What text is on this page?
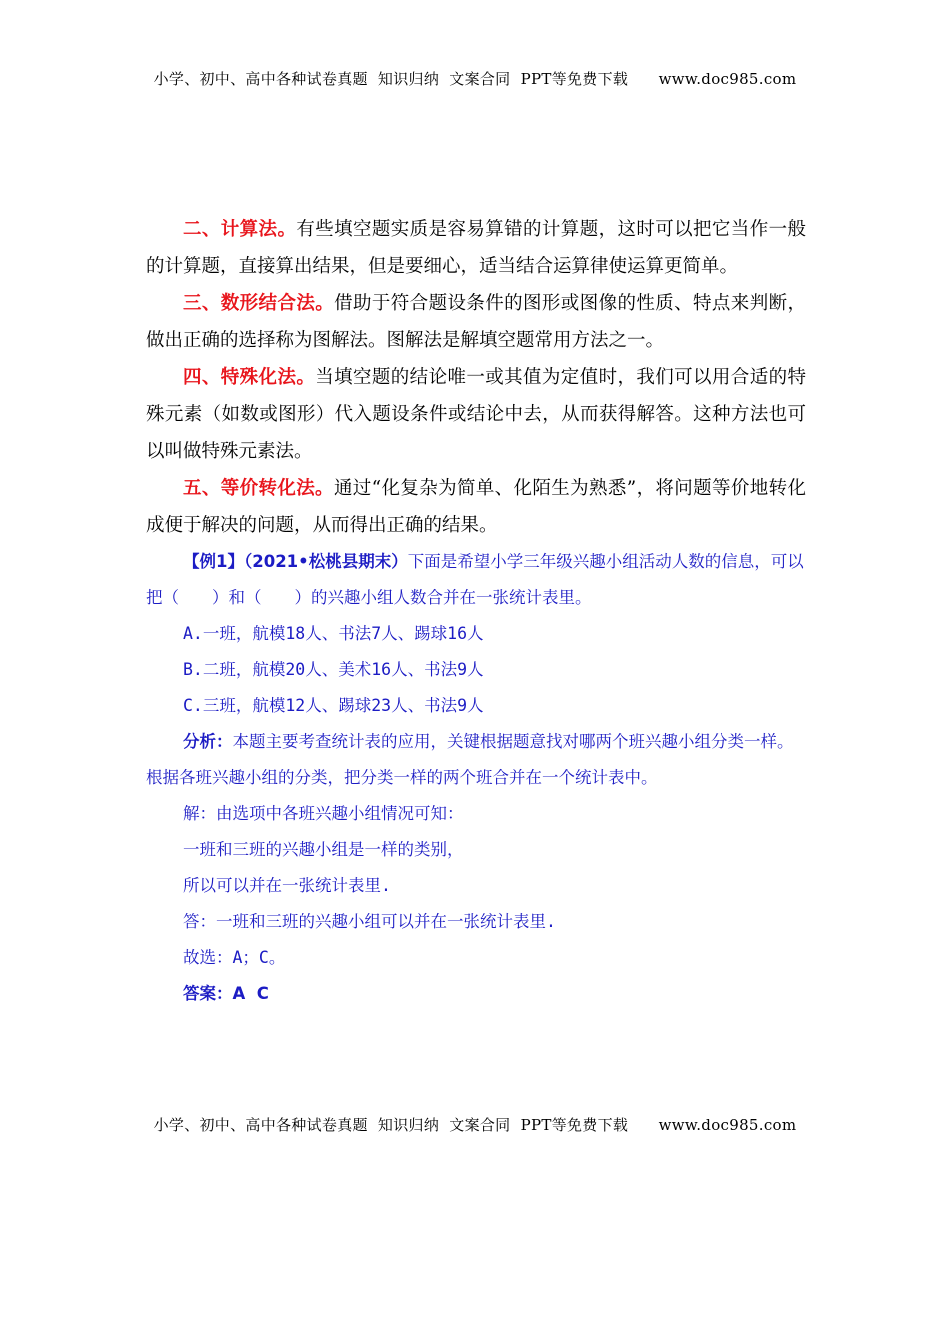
小学、初中、高中各种试卷真题  知识归纳  文案合同  PPT等免费下载      www.doc985.com

二、计算法。有些填空题实质是容易算错的计算题，这时可以把它当作一般的计算题，直接算出结果，但是要细心，适当结合运算律使运算更简单。

三、数形结合法。借助于符合题设条件的图形或图像的性质、特点来判断，做出正确的选择称为图解法。图解法是解填空题常用方法之一。

四、特殊化法。当填空题的结论唯一或其值为定值时，我们可以用合适的特殊元素（如数或图形）代入题设条件或结论中去，从而获得解答。这种方法也可以叫做特殊元素法。

五、等价转化法。通过“化复杂为简单、化陌生为熟悉”，将问题等价地转化成便于解决的问题，从而得出正确的结果。

【例1】（2021•松桃县期末）下面是希望小学三年级兴趣小组活动人数的信息，可以把（　　）和（　　）的兴趣小组人数合并在一张统计表里。

A.一班，航模18人、书法7人、踢球16人

B.二班，航模20人、美术16人、书法9人

C.三班，航模12人、踢球23人、书法9人

分析：本题主要考查统计表的应用，关键根据题意找对哪两个班兴趣小组分类一样。根据各班兴趣小组的分类，把分类一样的两个班合并在一个统计表中。

解：由选项中各班兴趣小组情况可知：

一班和三班的兴趣小组是一样的类别，

所以可以并在一张统计表里.

答：一班和三班的兴趣小组可以并在一张统计表里.

故选：A；C。

答案：A  C

小学、初中、高中各种试卷真题  知识归纳  文案合同  PPT等免费下载      www.doc985.com
